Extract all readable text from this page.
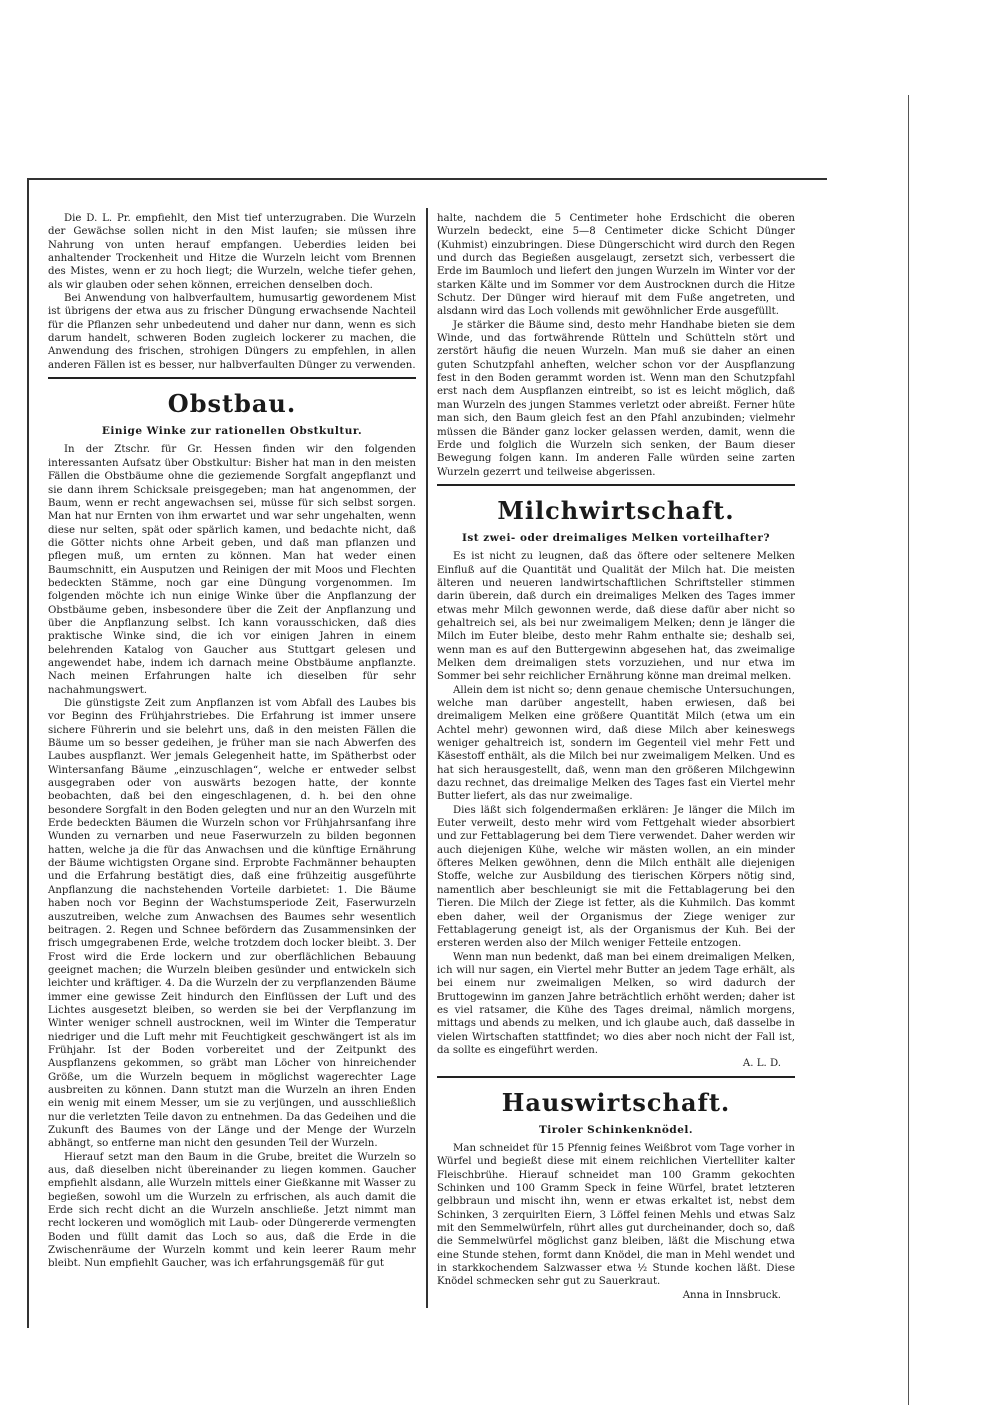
Die D. L. Pr. empfiehlt, den Mist tief unterzugraben. Die Wurzeln der Gewächse sollen nicht in den Mist laufen; sie müssen ihre Nahrung von unten herauf empfangen. Ueberdies leiden bei anhaltender Trockenheit und Hitze die Wurzeln leicht vom Brennen des Mistes, wenn er zu hoch liegt; die Wurzeln, welche tiefer gehen, als wir glauben oder sehen können, erreichen denselben doch.

Bei Anwendung von halbverfaultem, humusartig gewordenem Mist ist übrigens der etwa aus zu frischer Düngung erwachsende Nachteil für die Pflanzen sehr unbedeutend und daher nur dann, wenn es sich darum handelt, schweren Boden zugleich lockerer zu machen, die Anwendung des frischen, strohigen Düngers zu empfehlen, in allen anderen Fällen ist es besser, nur halbverfaulten Dünger zu verwenden.

Obstbau.
Einige Winke zur rationellen Obstkultur.

In der Ztschr. für Gr. Hessen finden wir den folgenden interessanten Aufsatz über Obstkultur: Bisher hat man in den meisten Fällen die Obstbäume ohne die geziemende Sorgfalt angepflanzt und sie dann ihrem Schicksale preisgegeben; man hat angenommen, der Baum, wenn er recht angewachsen sei, müsse für sich selbst sorgen. Man hat nur Ernten von ihm erwartet und war sehr ungehalten, wenn diese nur selten, spät oder spärlich kamen, und bedachte nicht, daß die Götter nichts ohne Arbeit geben, und daß man pflanzen und pflegen muß, um ernten zu können. Man hat weder einen Baumschnitt, ein Ausputzen und Reinigen der mit Moos und Flechten bedeckten Stämme, noch gar eine Düngung vorgenommen. Im folgenden möchte ich nun einige Winke über die Anpflanzung der Obstbäume geben, insbesondere über die Zeit der Anpflanzung und über die Anpflanzung selbst. Ich kann vorausschicken, daß dies praktische Winke sind, die ich vor einigen Jahren in einem belehrenden Katalog von Gaucher aus Stuttgart gelesen und angewendet habe, indem ich darnach meine Obstbäume anpflanzte. Nach meinen Erfahrungen halte ich dieselben für sehr nachahmungswert.

Die günstigste Zeit zum Anpflanzen ist vom Abfall des Laubes bis vor Beginn des Frühjahrstriebes. Die Erfahrung ist immer unsere sichere Führerin und sie belehrt uns, daß in den meisten Fällen die Bäume um so besser gedeihen, je früher man sie nach Abwerfen des Laubes auspflanzt. Wer jemals Gelegenheit hatte, im Spätherbst oder Wintersanfang Bäume „einzuschlagen“, welche er entweder selbst ausgegraben oder von auswärts bezogen hatte, der konnte beobachten, daß bei den eingeschlagenen, d. h. bei den ohne besondere Sorgfalt in den Boden gelegten und nur an den Wurzeln mit Erde bedeckten Bäumen die Wurzeln schon vor Frühjahrsanfang ihre Wunden zu vernarben und neue Faserwurzeln zu bilden begonnen hatten, welche ja die für das Anwachsen und die künftige Ernährung der Bäume wichtigsten Organe sind. Erprobte Fachmänner behaupten und die Erfahrung bestätigt dies, daß eine frühzeitig ausgeführte Anpflanzung die nachstehenden Vorteile darbietet: 1. Die Bäume haben noch vor Beginn der Wachstumsperiode Zeit, Faserwurzeln auszutreiben, welche zum Anwachsen des Baumes sehr wesentlich beitragen. 2. Regen und Schnee befördern das Zusammensinken der frisch umgegrabenen Erde, welche trotzdem doch locker bleibt. 3. Der Frost wird die Erde lockern und zur oberflächlichen Bebauung geeignet machen; die Wurzeln bleiben gesünder und entwickeln sich leichter und kräftiger. 4. Da die Wurzeln der zu verpflanzenden Bäume immer eine gewisse Zeit hindurch den Einflüssen der Luft und des Lichtes ausgesetzt bleiben, so werden sie bei der Verpflanzung im Winter weniger schnell austrocknen, weil im Winter die Temperatur niedriger und die Luft mehr mit Feuchtigkeit geschwängert ist als im Frühjahr. Ist der Boden vorbereitet und der Zeitpunkt des Auspflanzens gekommen, so gräbt man Löcher von hinreichender Größe, um die Wurzeln bequem in möglichst wagerechter Lage ausbreiten zu können. Dann stutzt man die Wurzeln an ihren Enden ein wenig mit einem Messer, um sie zu verjüngen, und ausschließlich nur die verletzten Teile davon zu entnehmen. Da das Gedeihen und die Zukunft des Baumes von der Länge und der Menge der Wurzeln abhängt, so entferne man nicht den gesunden Teil der Wurzeln.

Hierauf setzt man den Baum in die Grube, breitet die Wurzeln so aus, daß dieselben nicht übereinander zu liegen kommen. Gaucher empfiehlt alsdann, alle Wurzeln mittels einer Gießkanne mit Wasser zu begießen, sowohl um die Wurzeln zu erfrischen, als auch damit die Erde sich recht dicht an die Wurzeln anschließe. Jetzt nimmt man recht lockeren und womöglich mit Laub- oder Düngererde vermengten Boden und füllt damit das Loch so aus, daß die Erde in die Zwischenräume der Wurzeln kommt und kein leerer Raum mehr bleibt. Nun empfiehlt Gaucher, was ich erfahrungsgemäß für gut

halte, nachdem die 5 Centimeter hohe Erdschicht die oberen Wurzeln bedeckt, eine 5—8 Centimeter dicke Schicht Dünger (Kuhmist) einzubringen. Diese Düngerschicht wird durch den Regen und durch das Begießen ausgelaugt, zersetzt sich, verbessert die Erde im Baumloch und liefert den jungen Wurzeln im Winter vor der starken Kälte und im Sommer vor dem Austrocknen durch die Hitze Schutz. Der Dünger wird hierauf mit dem Fuße angetreten, und alsdann wird das Loch vollends mit gewöhnlicher Erde ausgefüllt.

Je stärker die Bäume sind, desto mehr Handhabe bieten sie dem Winde, und das fortwährende Rütteln und Schütteln stört und zerstört häufig die neuen Wurzeln. Man muß sie daher an einen guten Schutzpfahl anheften, welcher schon vor der Auspflanzung fest in den Boden gerammt worden ist. Wenn man den Schutzpfahl erst nach dem Auspflanzen eintreibt, so ist es leicht möglich, daß man Wurzeln des jungen Stammes verletzt oder abreißt. Ferner hüte man sich, den Baum gleich fest an den Pfahl anzubinden; vielmehr müssen die Bänder ganz locker gelassen werden, damit, wenn die Erde und folglich die Wurzeln sich senken, der Baum dieser Bewegung folgen kann. Im anderen Falle würden seine zarten Wurzeln gezerrt und teilweise abgerissen.

Milchwirtschaft.
Ist zwei- oder dreimaliges Melken vorteilhafter?

Es ist nicht zu leugnen, daß das öftere oder seltenere Melken Einfluß auf die Quantität und Qualität der Milch hat. Die meisten älteren und neueren landwirtschaftlichen Schriftsteller stimmen darin überein, daß durch ein dreimaliges Melken des Tages immer etwas mehr Milch gewonnen werde, daß diese dafür aber nicht so gehaltreich sei, als bei nur zweimaligem Melken; denn je länger die Milch im Euter bleibe, desto mehr Rahm enthalte sie; deshalb sei, wenn man es auf den Buttergewinn abgesehen hat, das zweimalige Melken dem dreimaligen stets vorzuziehen, und nur etwa im Sommer bei sehr reichlicher Ernährung könne man dreimal melken.

Allein dem ist nicht so; denn genaue chemische Untersuchungen, welche man darüber angestellt, haben erwiesen, daß bei dreimaligem Melken eine größere Quantität Milch (etwa um ein Achtel mehr) gewonnen wird, daß diese Milch aber keineswegs weniger gehaltreich ist, sondern im Gegenteil viel mehr Fett und Käsestoff enthält, als die Milch bei nur zweimaligem Melken. Und es hat sich herausgestellt, daß, wenn man den größeren Milchgewinn dazu rechnet, das dreimalige Melken des Tages fast ein Viertel mehr Butter liefert, als das nur zweimalige.

Dies läßt sich folgendermaßen erklären: Je länger die Milch im Euter verweilt, desto mehr wird vom Fettgehalt wieder absorbiert und zur Fettablagerung bei dem Tiere verwendet. Daher werden wir auch diejenigen Kühe, welche wir mästen wollen, an ein minder öfteres Melken gewöhnen, denn die Milch enthält alle diejenigen Stoffe, welche zur Ausbildung des tierischen Körpers nötig sind, namentlich aber beschleunigt sie mit die Fettablagerung bei den Tieren. Die Milch der Ziege ist fetter, als die Kuhmilch. Das kommt eben daher, weil der Organismus der Ziege weniger zur Fettablagerung geneigt ist, als der Organismus der Kuh. Bei der ersteren werden also der Milch weniger Fetteile entzogen.

Wenn man nun bedenkt, daß man bei einem dreimaligen Melken, ich will nur sagen, ein Viertel mehr Butter an jedem Tage erhält, als bei einem nur zweimaligen Melken, so wird dadurch der Bruttogewinn im ganzen Jahre beträchtlich erhöht werden; daher ist es viel ratsamer, die Kühe des Tages dreimal, nämlich morgens, mittags und abends zu melken, und ich glaube auch, daß dasselbe in vielen Wirtschaften stattfindet; wo dies aber noch nicht der Fall ist, da sollte es eingeführt werden.

A. L. D.
Hauswirtschaft.
Tiroler Schinkenknödel.

Man schneidet für 15 Pfennig feines Weißbrot vom Tage vorher in Würfel und begießt diese mit einem reichlichen Viertelliter kalter Fleischbrühe. Hierauf schneidet man 100 Gramm gekochten Schinken und 100 Gramm Speck in feine Würfel, bratet letzteren gelbbraun und mischt ihn, wenn er etwas erkaltet ist, nebst dem Schinken, 3 zerquirlten Eiern, 3 Löffel feinen Mehls und etwas Salz mit den Semmelwürfeln, rührt alles gut durcheinander, doch so, daß die Semmelwürfel möglichst ganz bleiben, läßt die Mischung etwa eine Stunde stehen, formt dann Knödel, die man in Mehl wendet und in starkkochendem Salzwasser etwa ½ Stunde kochen läßt. Diese Knödel schmecken sehr gut zu Sauerkraut.

Anna in Innsbruck.
